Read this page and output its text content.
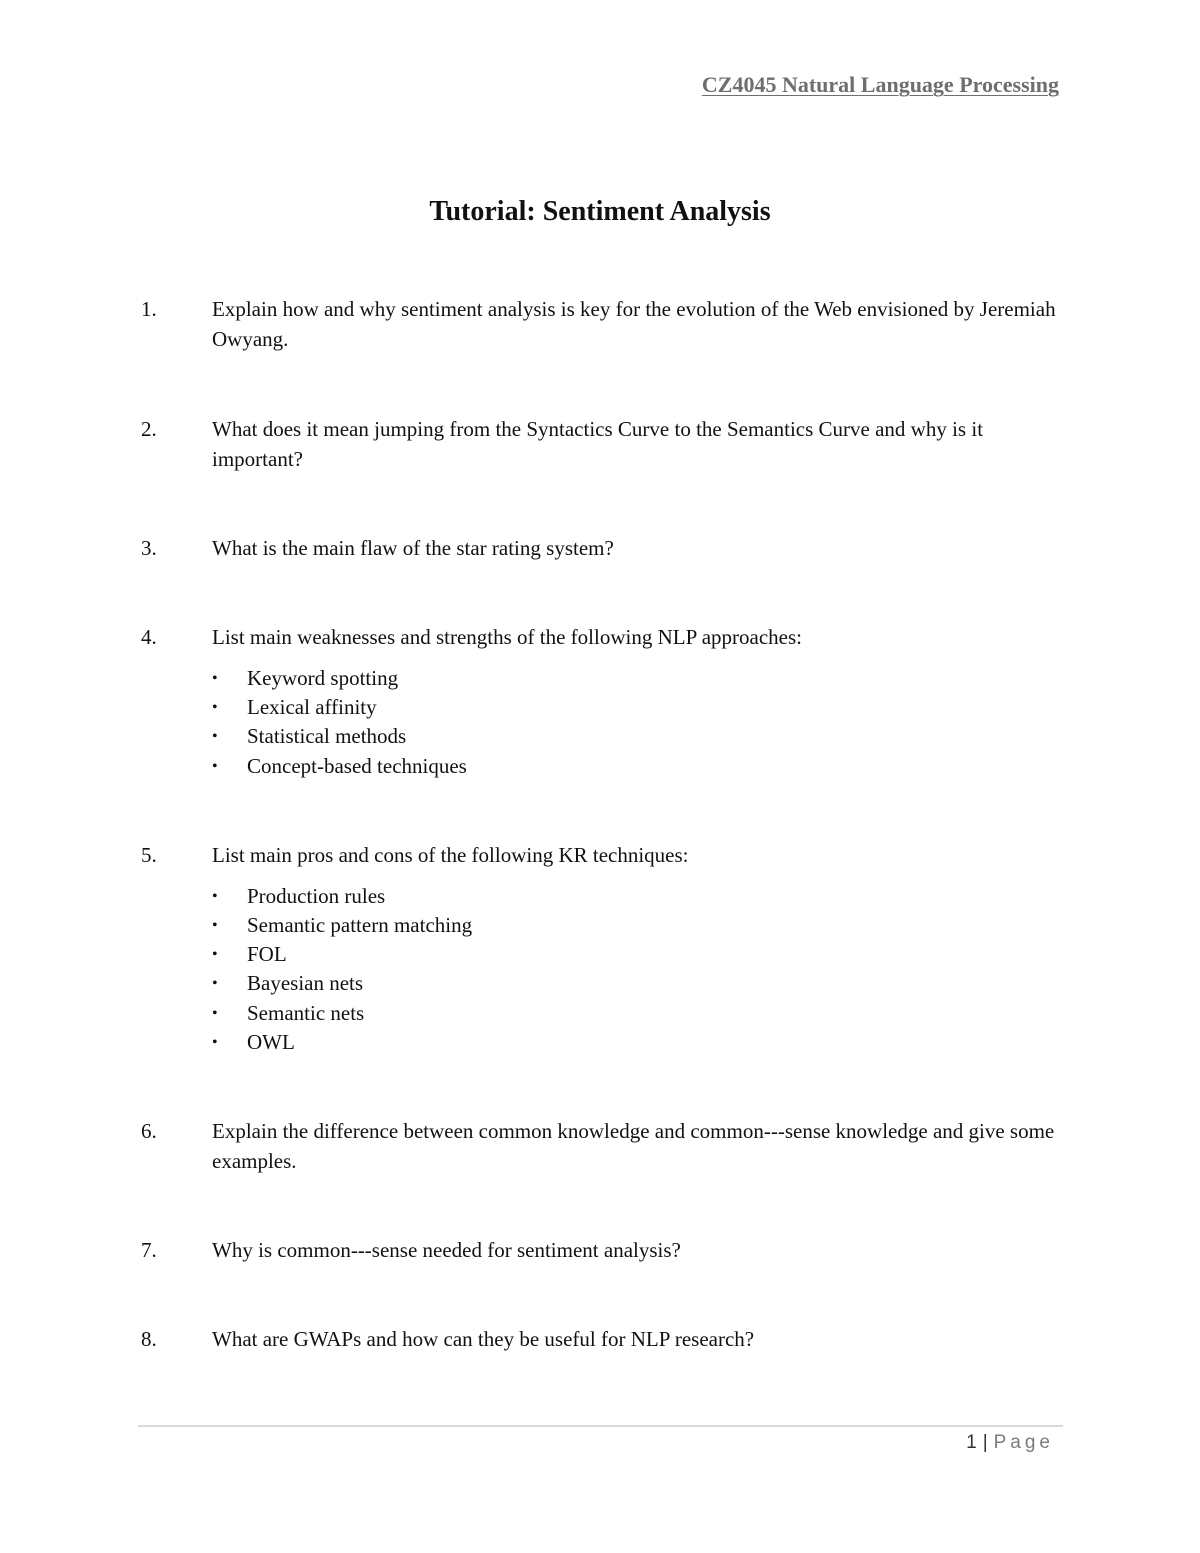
CZ4045 Natural Language Processing
Tutorial: Sentiment Analysis
1.	Explain how and why sentiment analysis is key for the evolution of the Web envisioned by Jeremiah Owyang.
2.	What does it mean jumping from the Syntactics Curve to the Semantics Curve and why is it important?
3.	What is the main flaw of the star rating system?
4.	List main weaknesses and strengths of the following NLP approaches:
• Keyword spotting
• Lexical affinity
• Statistical methods
• Concept-based techniques
5.	List main pros and cons of the following KR techniques:
• Production rules
• Semantic pattern matching
• FOL
• Bayesian nets
• Semantic nets
• OWL
6.	Explain the difference between common knowledge and common---sense knowledge and give some examples.
7.	Why is common---sense needed for sentiment analysis?
8.	What are GWAPs and how can they be useful for NLP research?
1 | Page
